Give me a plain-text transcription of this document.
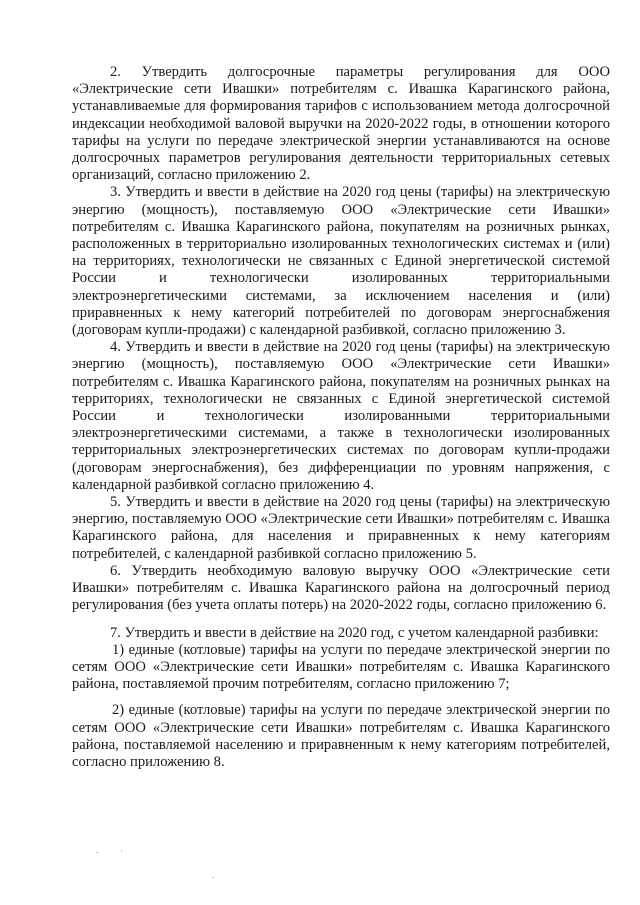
2. Утвердить долгосрочные параметры регулирования для ООО «Электрические сети Ивашки» потребителям с. Ивашка Карагинского района, устанавливаемые для формирования тарифов с использованием метода долгосрочной индексации необходимой валовой выручки на 2020-2022 годы, в отношении которого тарифы на услуги по передаче электрической энергии устанавливаются на основе долгосрочных параметров регулирования деятельности территориальных сетевых организаций, согласно приложению 2.

3. Утвердить и ввести в действие на 2020 год цены (тарифы) на электрическую энергию (мощность), поставляемую ООО «Электрические сети Ивашки» потребителям с. Ивашка Карагинского района, покупателям на розничных рынках, расположенных в территориально изолированных технологических системах и (или) на территориях, технологически не связанных с Единой энергетической системой России и технологически изолированных территориальными электроэнергетическими системами, за исключением населения и (или) приравненных к нему категорий потребителей по договорам энергоснабжения (договорам купли-продажи) с календарной разбивкой, согласно приложению 3.

4. Утвердить и ввести в действие на 2020 год цены (тарифы) на электрическую энергию (мощность), поставляемую ООО «Электрические сети Ивашки» потребителям с. Ивашка Карагинского района, покупателям на розничных рынках на территориях, технологически не связанных с Единой энергетической системой России и технологически изолированными территориальными электроэнергетическими системами, а также в технологически изолированных территориальных электроэнергетических системах по договорам купли-продажи (договорам энергоснабжения), без дифференциации по уровням напряжения, с календарной разбивкой согласно приложению 4.

5. Утвердить и ввести в действие на 2020 год цены (тарифы) на электрическую энергию, поставляемую ООО «Электрические сети Ивашки» потребителям с. Ивашка Карагинского района, для населения и приравненных к нему категориям потребителей, с календарной разбивкой согласно приложению 5.

6. Утвердить необходимую валовую выручку ООО «Электрические сети Ивашки» потребителям с. Ивашка Карагинского района на долгосрочный период регулирования (без учета оплаты потерь) на 2020-2022 годы, согласно приложению 6.

7. Утвердить и ввести в действие на 2020 год, с учетом календарной разбивки:

1) единые (котловые) тарифы на услуги по передаче электрической энергии по сетям ООО «Электрические сети Ивашки» потребителям с. Ивашка Карагинского района, поставляемой прочим потребителям, согласно приложению 7;

2) единые (котловые) тарифы на услуги по передаче электрической энергии по сетям ООО «Электрические сети Ивашки» потребителям с. Ивашка Карагинского района, поставляемой населению и приравненным к нему категориям потребителей, согласно приложению 8.
